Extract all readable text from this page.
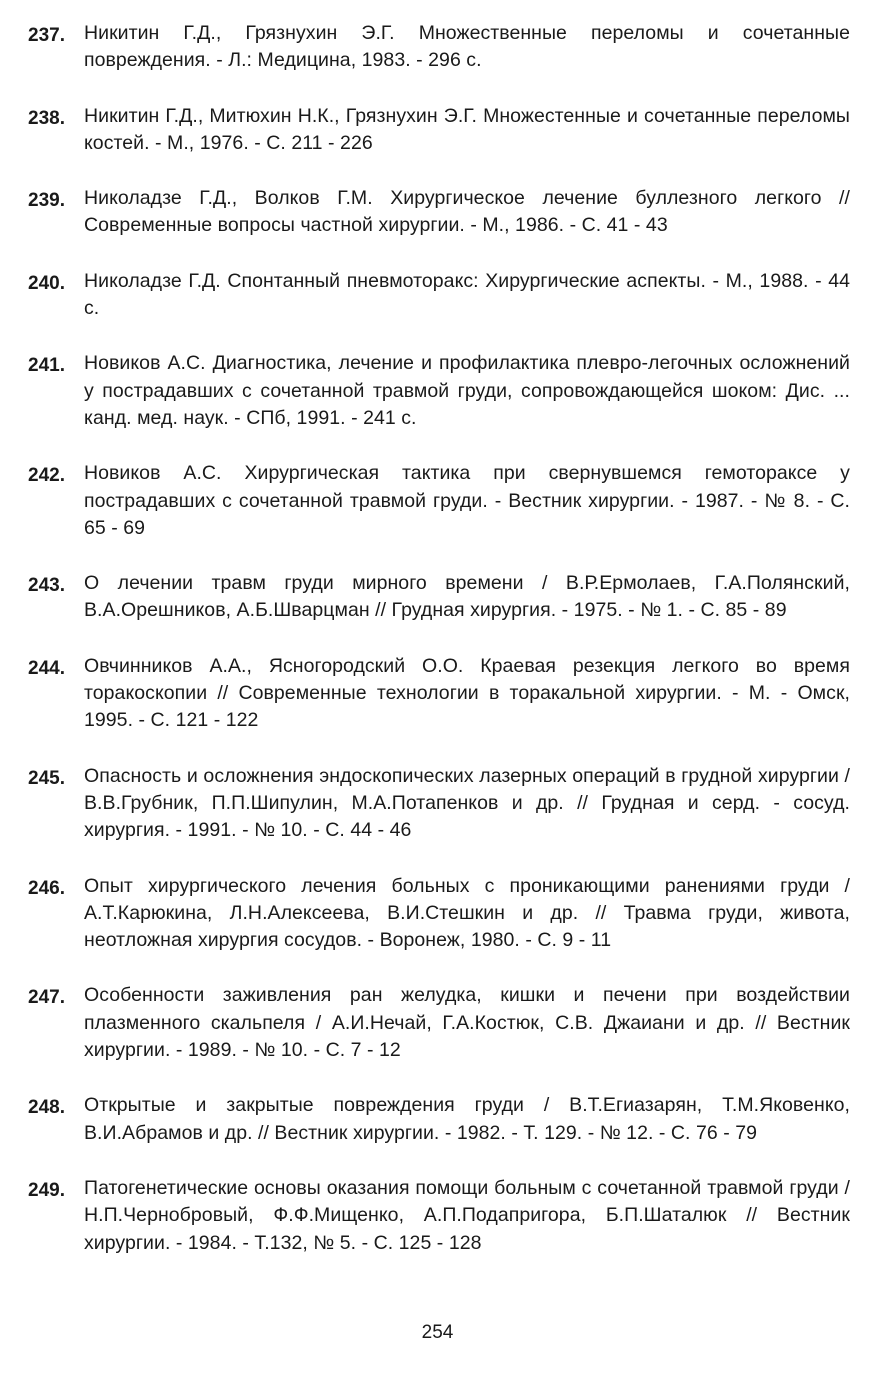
237. Никитин Г.Д., Грязнухин Э.Г. Множественные переломы и сочетанные повреждения. - Л.: Медицина, 1983. - 296 с.
238. Никитин Г.Д., Митюхин Н.К., Грязнухин Э.Г. Множестенные и сочетанные переломы костей. - М., 1976. - С. 211 - 226
239. Николадзе Г.Д., Волков Г.М. Хирургическое лечение буллезного легкого // Современные вопросы частной хирургии. - М., 1986. - С. 41 - 43
240. Николадзе Г.Д. Спонтанный пневмоторакс: Хирургические аспекты. - М., 1988. - 44 с.
241. Новиков А.С. Диагностика, лечение и профилактика плевро-легочных осложнений у пострадавших с сочетанной травмой груди, сопровождающейся шоком: Дис. ... канд. мед. наук. - СПб, 1991. - 241 с.
242. Новиков А.С. Хирургическая тактика при свернувшемся гемотораксе у пострадавших с сочетанной травмой груди. - Вестник хирургии. - 1987. - № 8. - С. 65 - 69
243. О лечении травм груди мирного времени / В.Р.Ермолаев, Г.А.Полянский, В.А.Орешников, А.Б.Шварцман // Грудная хирургия. - 1975. - № 1. - С. 85 - 89
244. Овчинников А.А., Ясногородский О.О. Краевая резекция легкого во время торакоскопии // Современные технологии в торакальной хирургии. - М. - Омск, 1995. - С. 121 - 122
245. Опасность и осложнения эндоскопических лазерных операций в грудной хирургии / В.В.Грубник, П.П.Шипулин, М.А.Потапенков и др. // Грудная и серд. - сосуд. хирургия. - 1991. - № 10. - С. 44 - 46
246. Опыт хирургического лечения больных с проникающими ранениями груди / А.Т.Карюкина, Л.Н.Алексеева, В.И.Стешкин и др. // Травма груди, живота, неотложная хирургия сосудов. - Воронеж, 1980. - С. 9 - 11
247. Особенности заживления ран желудка, кишки и печени при воздействии плазменного скальпеля / А.И.Нечай, Г.А.Костюк, С.В. Джаиани и др. // Вестник хирургии. - 1989. - № 10. - С. 7 - 12
248. Открытые и закрытые повреждения груди / В.Т.Егиазарян, Т.М.Яковенко, В.И.Абрамов и др. // Вестник хирургии. - 1982. - Т. 129. - № 12. - С. 76 - 79
249. Патогенетические основы оказания помощи больным с сочетанной травмой груди / Н.П.Чернобровый, Ф.Ф.Мищенко, А.П.Подапригора, Б.П.Шаталюк // Вестник хирургии. - 1984. - Т.132, № 5. - С. 125 - 128
254
